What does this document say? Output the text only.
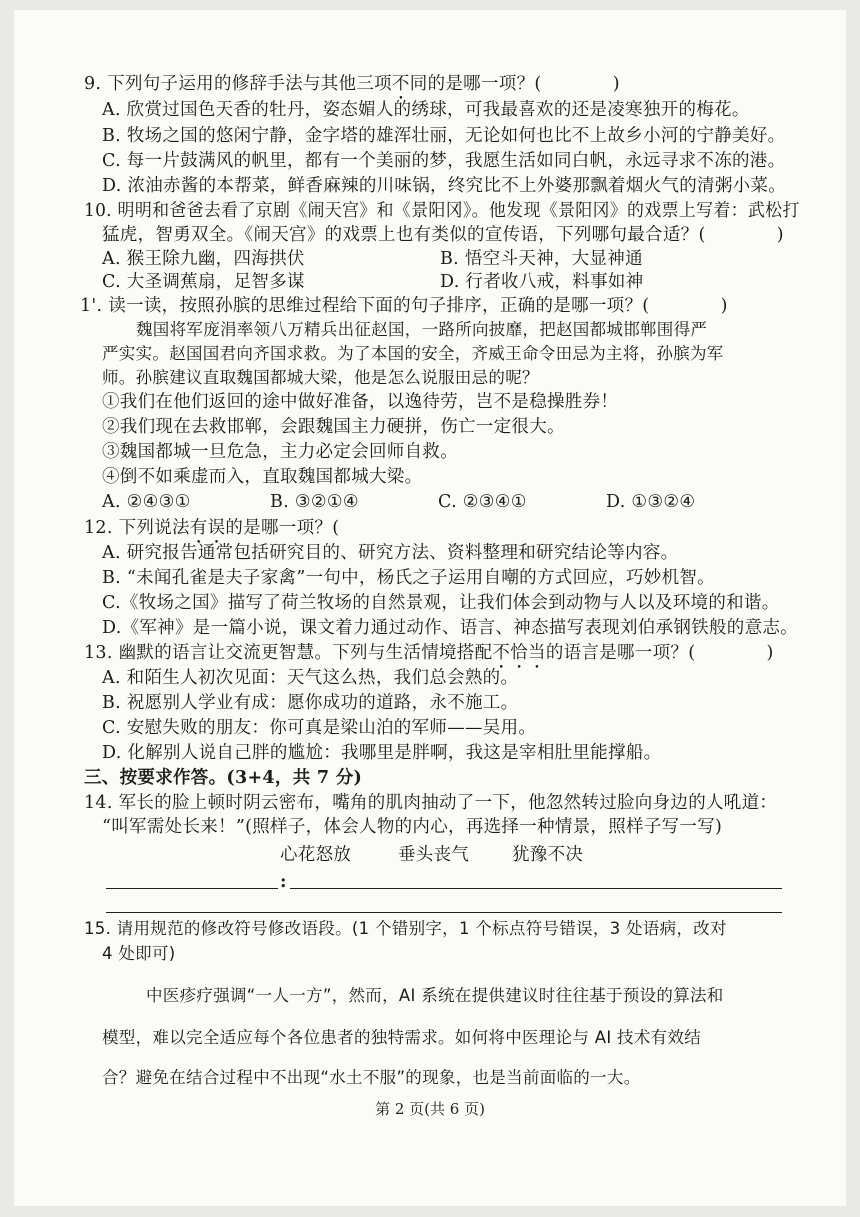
9. 下列句子运用的修辞手法与其他三项不同的是哪一项？(　　　　)
A. 欣赏过国色天香的牡丹，姿态媚人的绣球，可我最喜欢的还是凌寒独开的梅花。
B. 牧场之国的悠闲宁静，金字塔的雄浑壮丽，无论如何也比不上故乡小河的宁静美好。
C. 每一片鼓满风的帆里，都有一个美丽的梦，我愿生活如同白帆，永远寻求不冻的港。
D. 浓油赤酱的本帮菜，鲜香麻辣的川味锅，终究比不上外婆那飘着烟火气的清粥小菜。
10. 明明和爸爸去看了京剧《闹天宫》和《景阳冈》。他发现《景阳冈》的戏票上写着：武松打
猛虎，智勇双全。《闹天宫》的戏票上也有类似的宣传语，下列哪句最合适？(　　　　)
A. 猴王除九幽，四海拱伏	B. 悟空斗天神，大显神通
C. 大圣调蕉扇，足智多谋	D. 行者收八戒，料事如神
1'. 读一读，按照孙膑的思维过程给下面的句子排序，正确的是哪一项？(　　　　)
魏国将军庞涓率领八万精兵出征赵国，一路所向披靡，把赵国都城邯郸围得严
严实实。赵国国君向齐国求救。为了本国的安全，齐威王命令田忌为主将，孙膑为军
师。孙膑建议直取魏国都城大梁，他是怎么说服田忌的呢？
①我们在他们返回的途中做好准备，以逸待劳，岂不是稳操胜券！
②我们现在去救邯郸，会跟魏国主力硬拼，伤亡一定很大。
③魏国都城一旦危急，主力必定会回师自救。
④倒不如乘虚而入，直取魏国都城大梁。
A. ②④③①	B. ③②①④	C. ②③④①	D. ①③②④
12. 下列说法有误的是哪一项？(
A. 研究报告通常包括研究目的、研究方法、资料整理和研究结论等内容。
B. “未闻孔雀是夫子家禽”一句中，杨氏之子运用自嘲的方式回应，巧妙机智。
C.《牧场之国》描写了荷兰牧场的自然景观，让我们体会到动物与人以及环境的和谐。
D.《军神》是一篇小说，课文着力通过动作、语言、神态描写表现刘伯承钢铁般的意志。
13. 幽默的语言让交流更智慧。下列与生活情境搭配不恰当的语言是哪一项？(　　　　)
A. 和陌生人初次见面：天气这么热，我们总会熟的。
B. 祝愿别人学业有成：愿你成功的道路，永不施工。
C. 安慰失败的朋友：你可真是梁山泊的军师——吴用。
D. 化解别人说自己胖的尴尬：我哪里是胖啊，我这是宰相肚里能撑船。
三、按要求作答。(3+4，共 7 分)
14. 军长的脸上顿时阴云密布，嘴角的肌肉抽动了一下，他忽然转过脸向身边的人吼道：
“叫军需处长来！”(照样子，体会人物的内心，再选择一种情景，照样子写一写)
心花怒放	垂头丧气 犹豫不决
:
15. 请用规范的修改符号修改语段。(1 个错别字，1 个标点符号错误，3 处语病，改对
4 处即可)
中医疹疗强调“一人一方”，然而，AI 系统在提供建议时往往基于预设的算法和
模型，难以完全适应每个各位患者的独特需求。如何将中医理论与 AI 技术有效结
合？避免在结合过程中不出现“水土不服”的现象，也是当前面临的一大。
第 2 页(共 6 页)
